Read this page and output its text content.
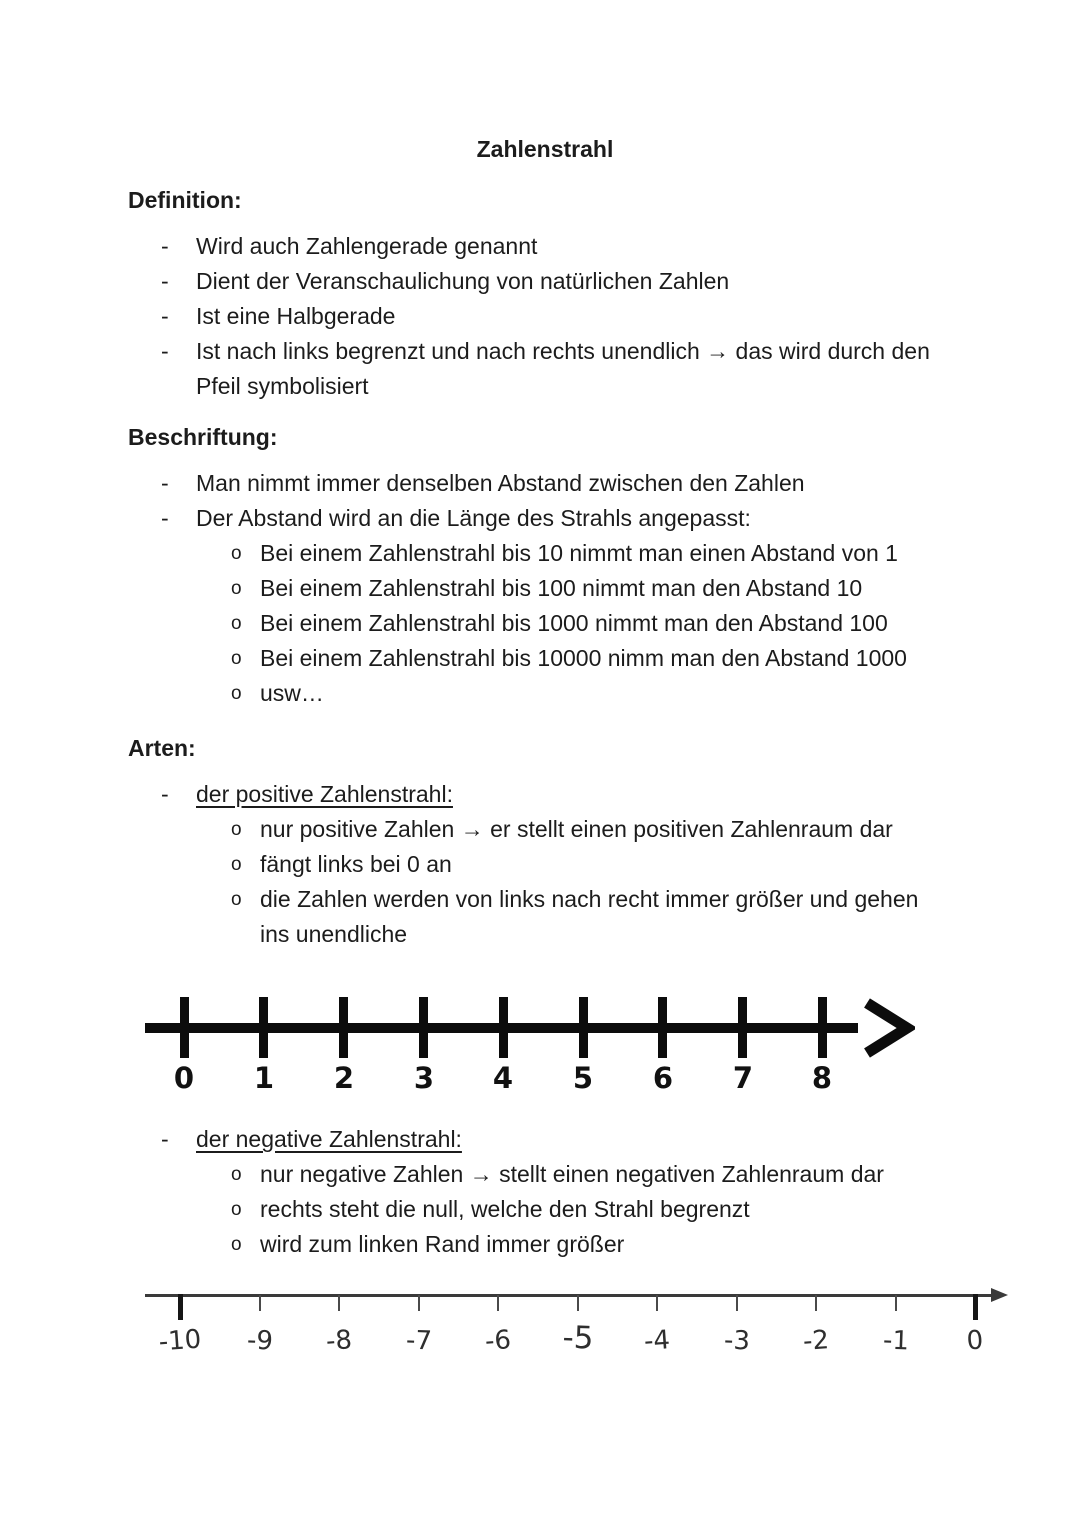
Zahlenstrahl
Definition:
-	Wird auch Zahlengerade genannt
-	Dient der Veranschaulichung von natürlichen Zahlen
-	Ist eine Halbgerade
-	Ist nach links begrenzt und nach rechts unendlich → das wird durch den Pfeil symbolisiert
Beschriftung:
-	Man nimmt immer denselben Abstand zwischen den Zahlen
-	Der Abstand wird an die Länge des Strahls angepasst:
o Bei einem Zahlenstrahl bis 10 nimmt man einen Abstand von 1
o Bei einem Zahlenstrahl bis 100 nimmt man den Abstand 10
o Bei einem Zahlenstrahl bis 1000 nimmt man den Abstand 100
o Bei einem Zahlenstrahl bis 10000 nimm man den Abstand 1000
o usw…
Arten:
-	der positive Zahlenstrahl:
o nur positive Zahlen → er stellt einen positiven Zahlenraum dar
o fängt links bei 0 an
o die Zahlen werden von links nach recht immer größer und gehen ins unendliche
0	1	2	3	4	5	6	7	8
-	der negative Zahlenstrahl:
o nur negative Zahlen → stellt einen negativen Zahlenraum dar
o rechts steht die null, welche den Strahl begrenzt
o wird zum linken Rand immer größer
-10	-9	-8	-7	-6	-5	-4	-3	-2	-1	0
